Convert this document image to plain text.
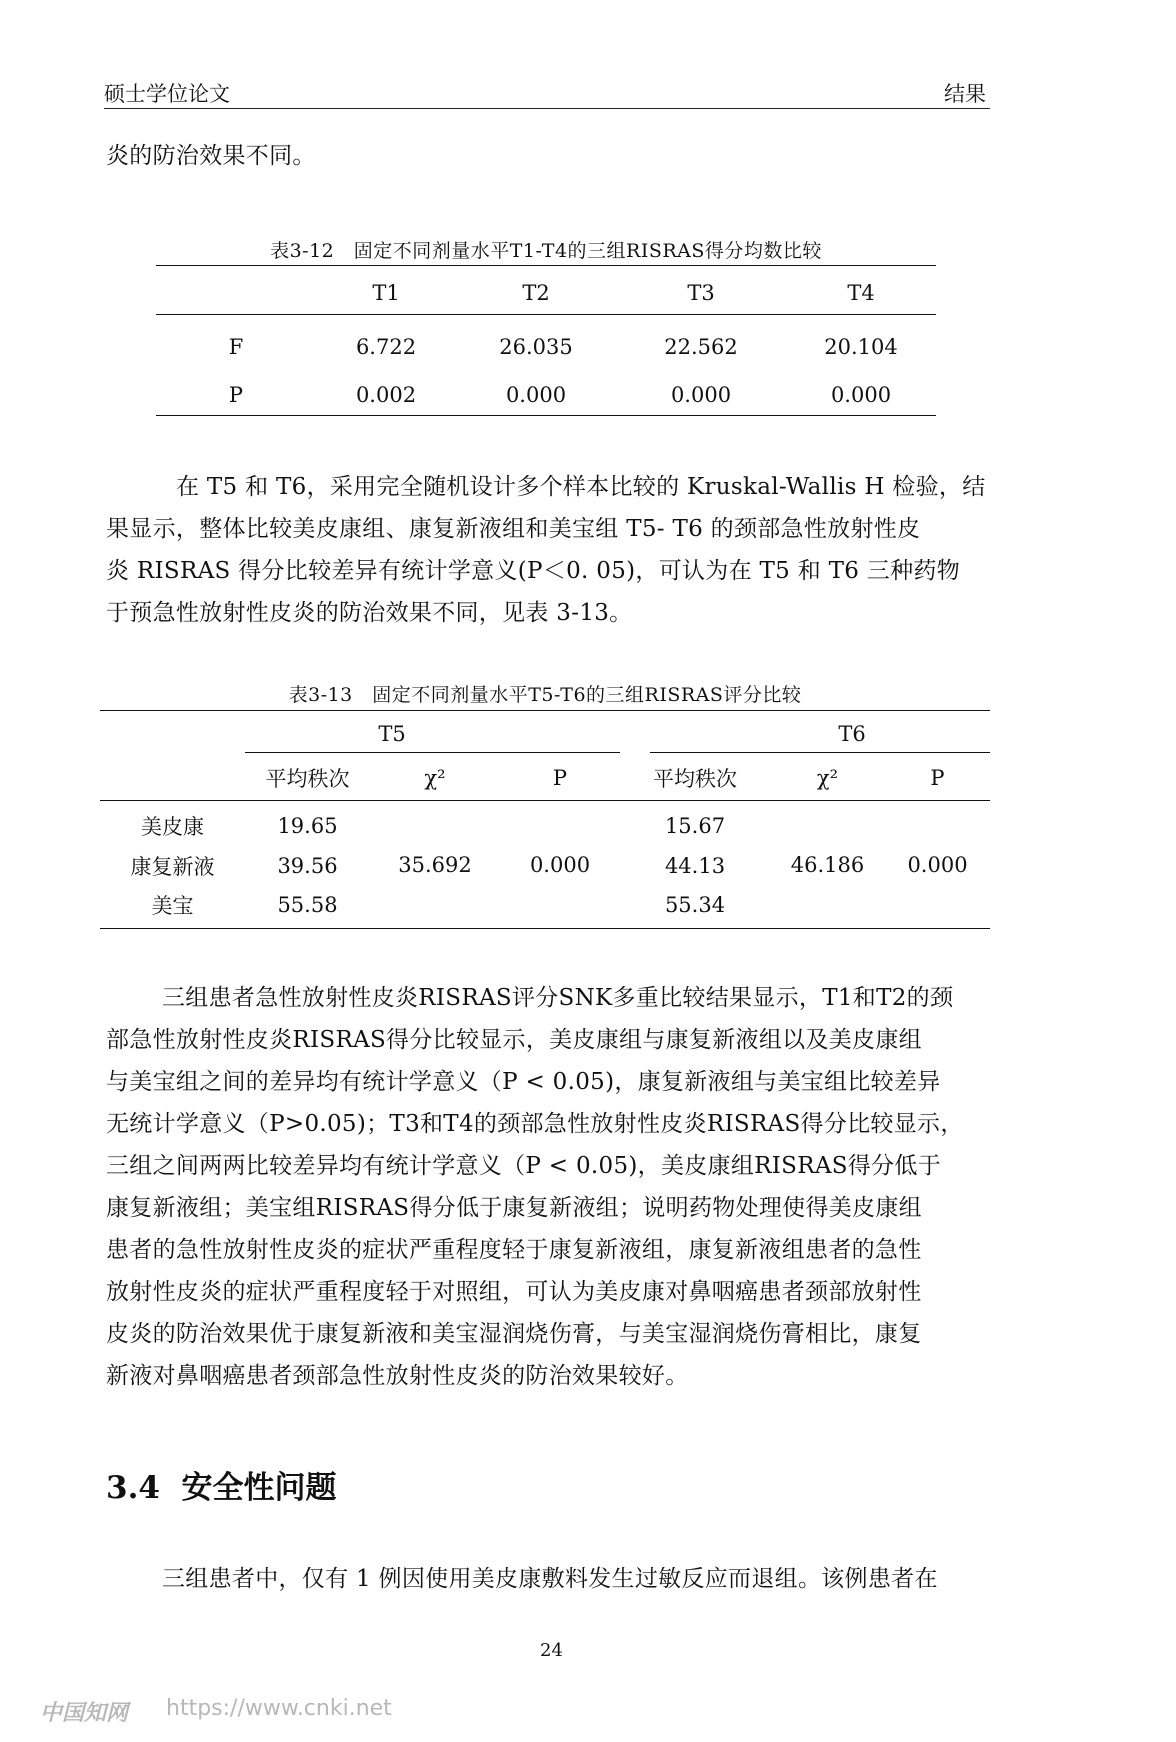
硕士学位论文	结果
炎的防治效果不同。
表3-12　固定不同剂量水平T1-T4的三组RISRAS得分均数比较
	T1	T2	T3	T4

F	6.722	26.035	22.562	20.104
P	0.002	0.000	0.000	0.000
在 T5 和 T6，采用完全随机设计多个样本比较的 Kruskal-Wallis H 检验，结
果显示，整体比较美皮康组、康复新液组和美宝组 T5- T6 的颈部急性放射性皮
炎 RISRAS 得分比较差异有统计学意义(P＜0. 05)，可认为在 T5 和 T6 三种药物
于预急性放射性皮炎的防治效果不同，见表 3-13。
表3-13　固定不同剂量水平T5-T6的三组RISRAS评分比较
T5	T6
	平均秩次	χ²	P	平均秩次	χ²	P

美皮康	19.65	35.692	0.000	15.67	46.186	0.000
康复新液	39.56			44.13		
美宝	55.58			55.34		
三组患者急性放射性皮炎RISRAS评分SNK多重比较结果显示，T1和T2的颈
部急性放射性皮炎RISRAS得分比较显示，美皮康组与康复新液组以及美皮康组
与美宝组之间的差异均有统计学意义（P < 0.05)，康复新液组与美宝组比较差异
无统计学意义（P>0.05)；T3和T4的颈部急性放射性皮炎RISRAS得分比较显示，
三组之间两两比较差异均有统计学意义（P < 0.05)，美皮康组RISRAS得分低于
康复新液组；美宝组RISRAS得分低于康复新液组；说明药物处理使得美皮康组
患者的急性放射性皮炎的症状严重程度轻于康复新液组，康复新液组患者的急性
放射性皮炎的症状严重程度轻于对照组，可认为美皮康对鼻咽癌患者颈部放射性
皮炎的防治效果优于康复新液和美宝湿润烧伤膏，与美宝湿润烧伤膏相比，康复
新液对鼻咽癌患者颈部急性放射性皮炎的防治效果较好。
3.4 安全性问题
三组患者中，仅有 1 例因使用美皮康敷料发生过敏反应而退组。该例患者在
24
中国知网 https://www.cnki.net
